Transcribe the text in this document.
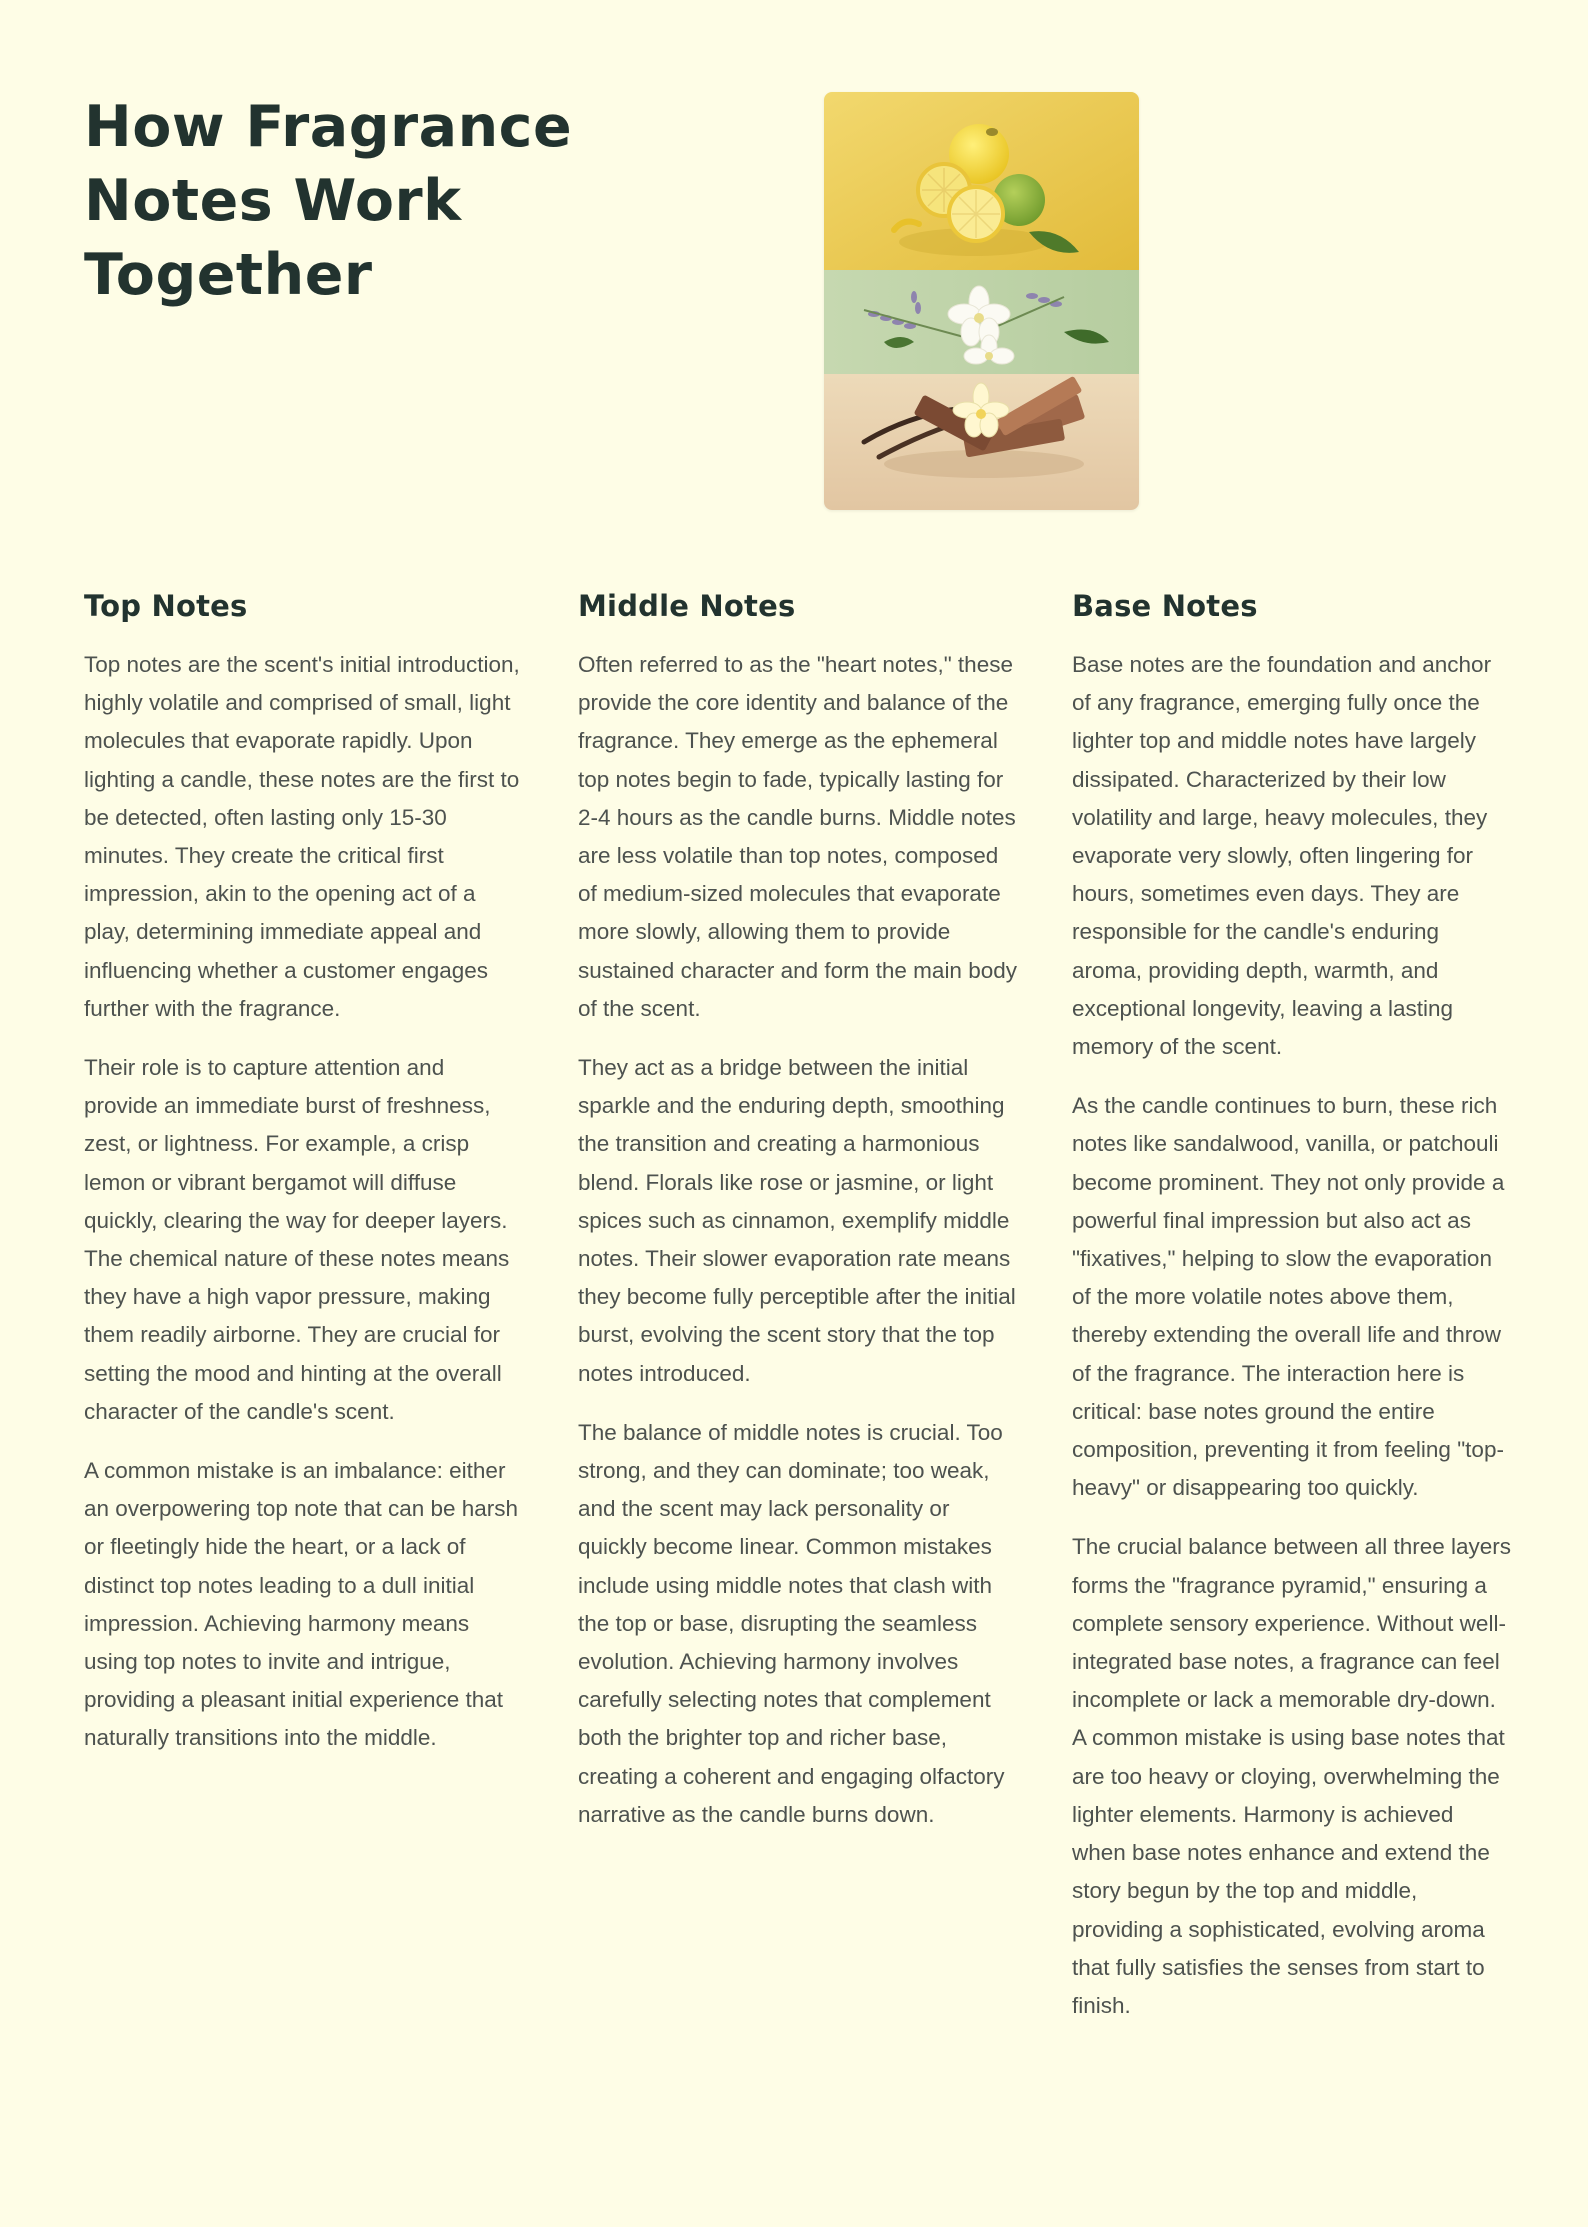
How Fragrance Notes Work Together
Top Notes

Top notes are the scent's initial introduction, highly volatile and comprised of small, light molecules that evaporate rapidly. Upon lighting a candle, these notes are the first to be detected, often lasting only 15-30 minutes. They create the critical first impression, akin to the opening act of a play, determining immediate appeal and influencing whether a customer engages further with the fragrance.

Their role is to capture attention and provide an immediate burst of freshness, zest, or lightness. For example, a crisp lemon or vibrant bergamot will diffuse quickly, clearing the way for deeper layers. The chemical nature of these notes means they have a high vapor pressure, making them readily airborne. They are crucial for setting the mood and hinting at the overall character of the candle's scent.

A common mistake is an imbalance: either an overpowering top note that can be harsh or fleetingly hide the heart, or a lack of distinct top notes leading to a dull initial impression. Achieving harmony means using top notes to invite and intrigue, providing a pleasant initial experience that naturally transitions into the middle.

Middle Notes

Often referred to as the "heart notes," these provide the core identity and balance of the fragrance. They emerge as the ephemeral top notes begin to fade, typically lasting for 2-4 hours as the candle burns. Middle notes are less volatile than top notes, composed of medium-sized molecules that evaporate more slowly, allowing them to provide sustained character and form the main body of the scent.

They act as a bridge between the initial sparkle and the enduring depth, smoothing the transition and creating a harmonious blend. Florals like rose or jasmine, or light spices such as cinnamon, exemplify middle notes. Their slower evaporation rate means they become fully perceptible after the initial burst, evolving the scent story that the top notes introduced.

The balance of middle notes is crucial. Too strong, and they can dominate; too weak, and the scent may lack personality or quickly become linear. Common mistakes include using middle notes that clash with the top or base, disrupting the seamless evolution. Achieving harmony involves carefully selecting notes that complement both the brighter top and richer base, creating a coherent and engaging olfactory narrative as the candle burns down.

Base Notes

Base notes are the foundation and anchor of any fragrance, emerging fully once the lighter top and middle notes have largely dissipated. Characterized by their low volatility and large, heavy molecules, they evaporate very slowly, often lingering for hours, sometimes even days. They are responsible for the candle's enduring aroma, providing depth, warmth, and exceptional longevity, leaving a lasting memory of the scent.

As the candle continues to burn, these rich notes like sandalwood, vanilla, or patchouli become prominent. They not only provide a powerful final impression but also act as "fixatives," helping to slow the evaporation of the more volatile notes above them, thereby extending the overall life and throw of the fragrance. The interaction here is critical: base notes ground the entire composition, preventing it from feeling "top-heavy" or disappearing too quickly.

The crucial balance between all three layers forms the "fragrance pyramid," ensuring a complete sensory experience. Without well-integrated base notes, a fragrance can feel incomplete or lack a memorable dry-down. A common mistake is using base notes that are too heavy or cloying, overwhelming the lighter elements. Harmony is achieved when base notes enhance and extend the story begun by the top and middle, providing a sophisticated, evolving aroma that fully satisfies the senses from start to finish.
